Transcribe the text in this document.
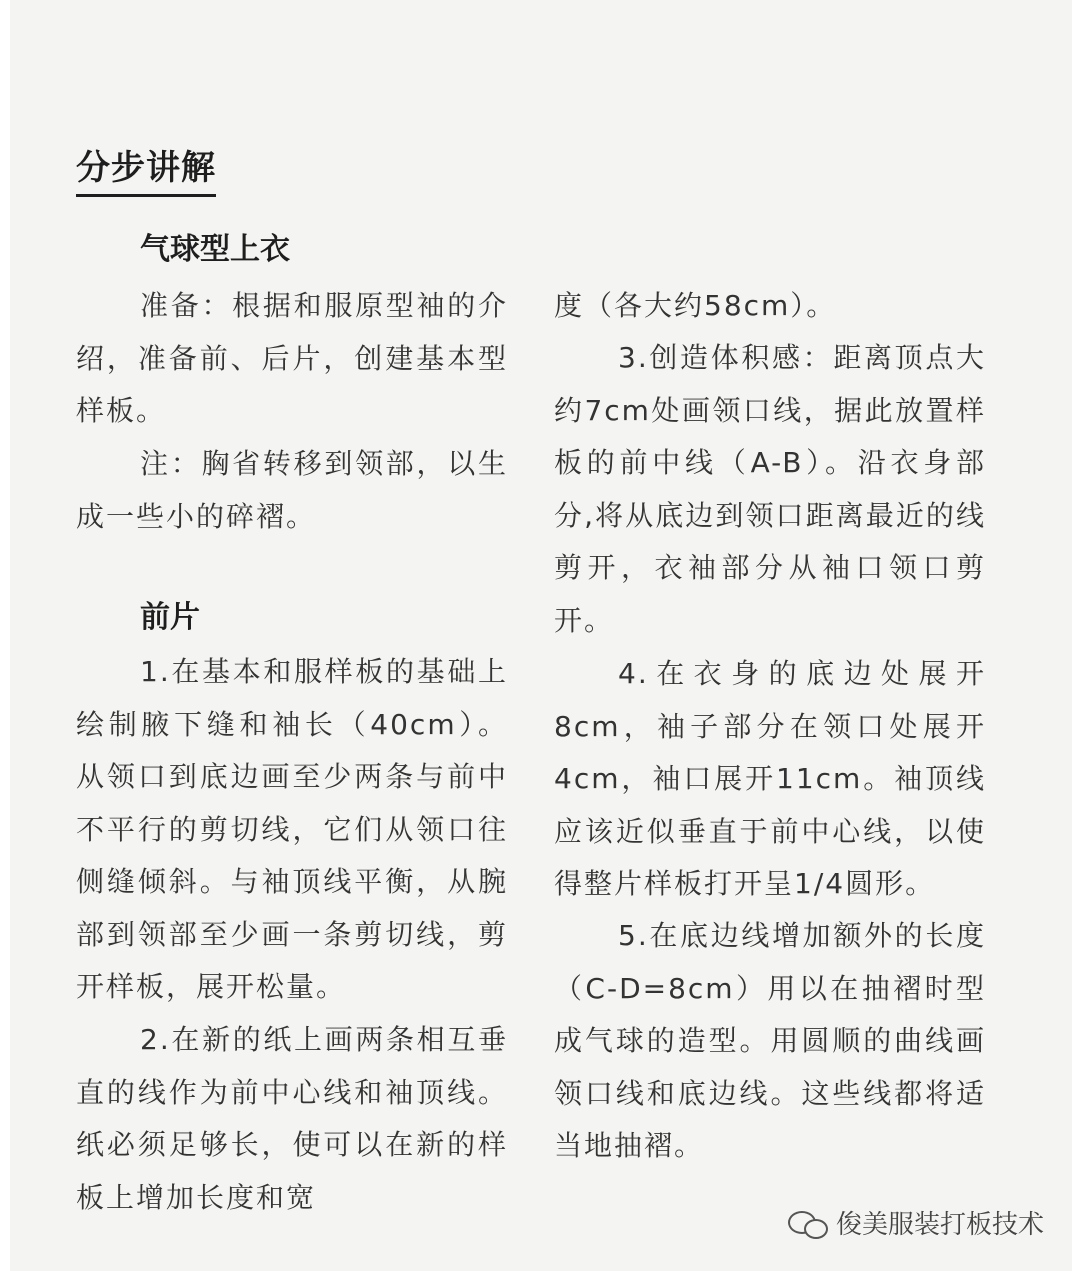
分步讲解
气球型上衣

准备：根据和服原型袖的介绍，准备前、后片，创建基本型样板。

注：胸省转移到领部，以生成一些小的碎褶。

前片

1.在基本和服样板的基础上绘制腋下缝和袖长（40cm）。从领口到底边画至少两条与前中不平行的剪切线，它们从领口往侧缝倾斜。与袖顶线平衡，从腕部到领部至少画一条剪切线，剪开样板，展开松量。

2.在新的纸上画两条相互垂直的线作为前中心线和袖顶线。纸必须足够长，使可以在新的样板上增加长度和宽

度（各大约58cm）。

3.创造体积感：距离顶点大约7cm处画领口线，据此放置样板的前中线（A-B）。沿衣身部分,将从底边到领口距离最近的线剪开，衣袖部分从袖口领口剪开。

4.在衣身的底边处展开8cm，袖子部分在领口处展开4cm，袖口展开11cm。袖顶线应该近似垂直于前中心线，以使得整片样板打开呈1/4圆形。

5.在底边线增加额外的长度（C-D=8cm）用以在抽褶时型成气球的造型。用圆顺的曲线画领口线和底边线。这些线都将适当地抽褶。

俊美服装打板技术
